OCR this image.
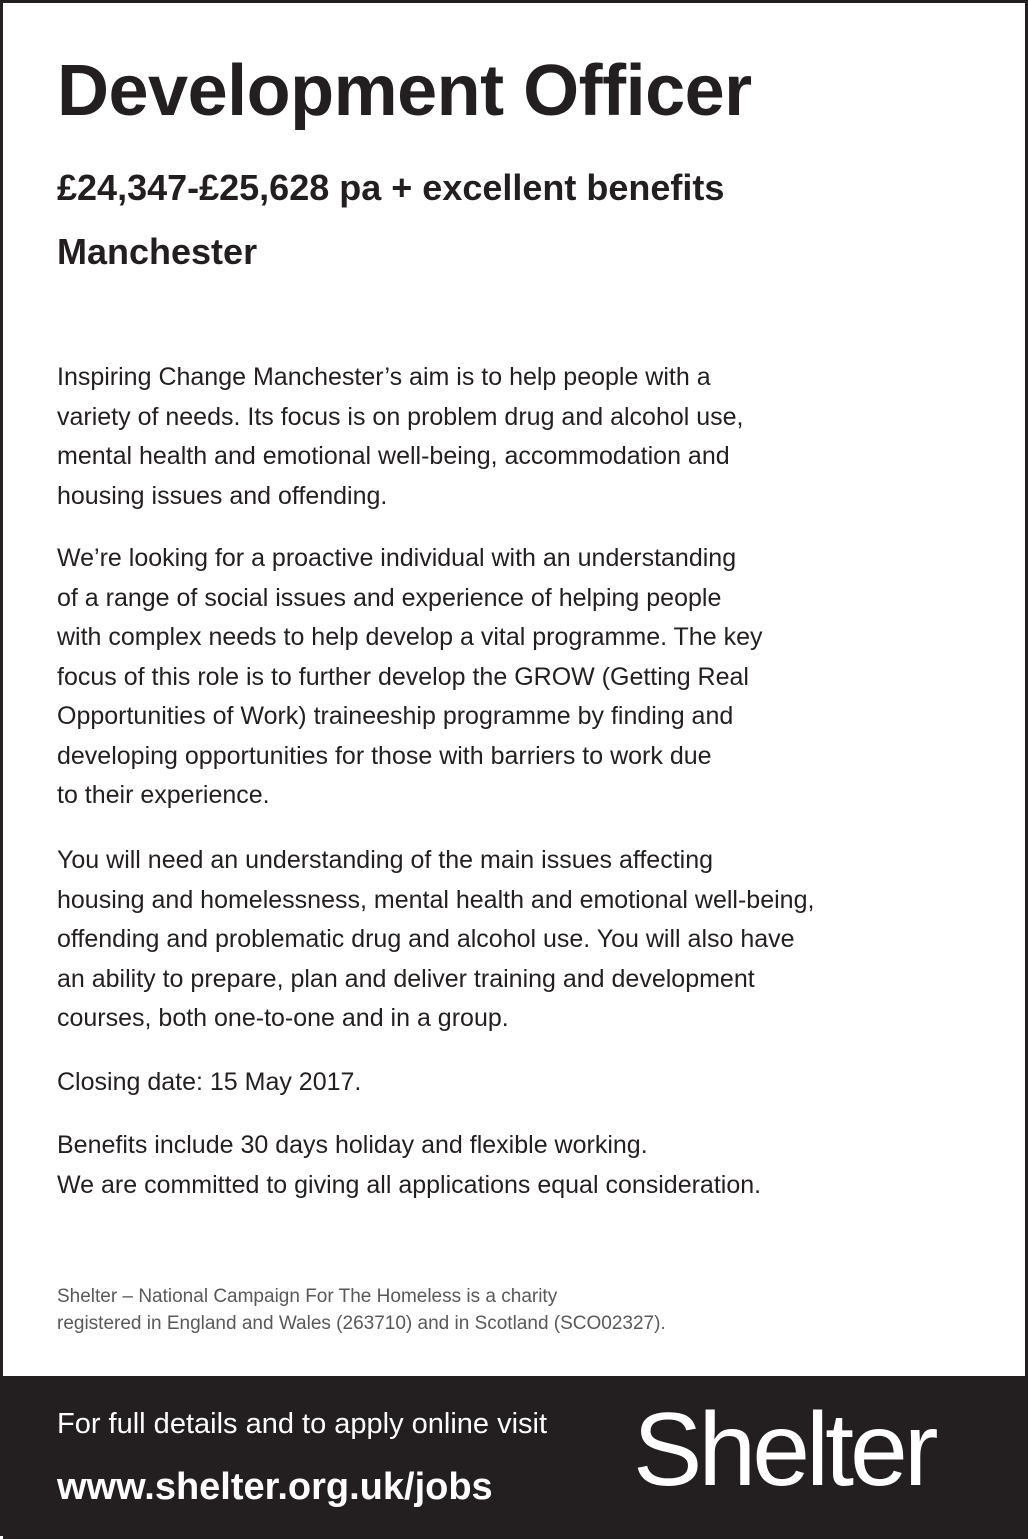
Development Officer
£24,347-£25,628 pa + excellent benefits
Manchester

Inspiring Change Manchester’s aim is to help people with a
variety of needs. Its focus is on problem drug and alcohol use,
mental health and emotional well-being, accommodation and
housing issues and offending.

We’re looking for a proactive individual with an understanding
of a range of social issues and experience of helping people
with complex needs to help develop a vital programme. The key
focus of this role is to further develop the GROW (Getting Real
Opportunities of Work) traineeship programme by finding and
developing opportunities for those with barriers to work due
to their experience.

You will need an understanding of the main issues affecting
housing and homelessness, mental health and emotional well-being,
offending and problematic drug and alcohol use. You will also have
an ability to prepare, plan and deliver training and development
courses, both one-to-one and in a group.

Closing date: 15 May 2017.

Benefits include 30 days holiday and flexible working.
We are committed to giving all applications equal consideration.

Shelter – National Campaign For The Homeless is a charity
registered in England and Wales (263710) and in Scotland (SCO02327).

For full details and to apply online visit
www.shelter.org.uk/jobs Shelter
